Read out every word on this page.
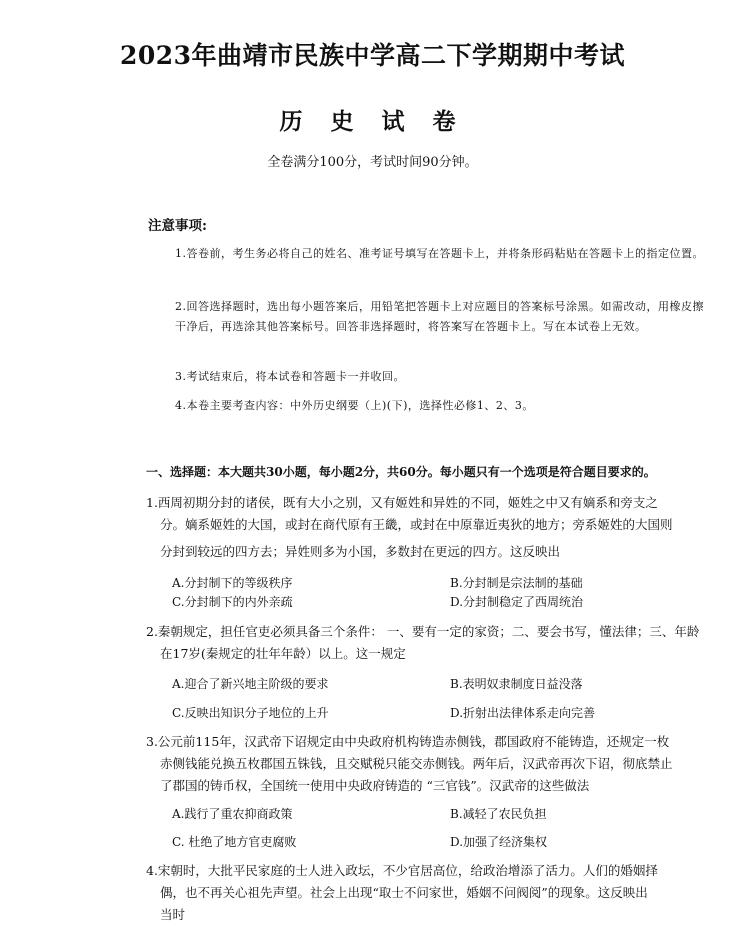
2023年曲靖市民族中学高二下学期期中考试
历 史 试 卷
全卷满分100分，考试时间90分钟。
注意事项:
1.答卷前，考生务必将自己的姓名、准考证号填写在答题卡上，并将条形码粘贴在答题卡上的指定位置。
2.回答选择题时，选出每小题答案后，用铅笔把答题卡上对应题目的答案标号涂黑。如需改动，用橡皮擦干净后，再选涂其他答案标号。回答非选择题时，将答案写在答题卡上。写在本试卷上无效。
3.考试结束后，将本试卷和答题卡一并收回。
4.本卷主要考查内容：中外历史纲要（上)(下)，选择性必修1、2、3。
一、选择题：本大题共30小题，每小题2分，共60分。每小题只有一个选项是符合题目要求的。
1.西周初期分封的诸侯，既有大小之别，又有姬姓和异姓的不同，姬姓之中又有嫡系和旁支之
分。嫡系姬姓的大国，或封在商代原有王畿，或封在中原靠近夷狄的地方；旁系姬姓的大国则
分封到较远的四方去；异姓则多为小国，多数封在更远的四方。这反映出
A.分封制下的等级秩序	B.分封制是宗法制的基础
C.分封制下的内外亲疏	D.分封制稳定了西周统治
2.秦朝规定，担任官吏必须具备三个条件： 一、要有一定的家资；二、要会书写，懂法律；三、年龄
在17岁(秦规定的壮年年龄）以上。这一规定
A.迎合了新兴地主阶级的要求	B.表明奴隶制度日益没落
C.反映出知识分子地位的上升	D.折射出法律体系走向完善
3.公元前115年，汉武帝下诏规定由中央政府机构铸造赤侧钱，郡国政府不能铸造，还规定一枚
赤侧钱能兑换五枚郡国五铢钱，且交赋税只能交赤侧钱。两年后，汉武帝再次下诏，彻底禁止
了郡国的铸币权，全国统一使用中央政府铸造的 “三官钱”。汉武帝的这些做法
A.践行了重农抑商政策	B.减轻了农民负担
C. 杜绝了地方官吏腐败	D.加强了经济集权
4.宋朝时，大批平民家庭的士人进入政坛，不少官居高位，给政治增添了活力。人们的婚姻择
偶，也不再关心祖先声望。社会上出现“取士不问家世，婚姻不问阀阅”的现象。这反映出
当时
